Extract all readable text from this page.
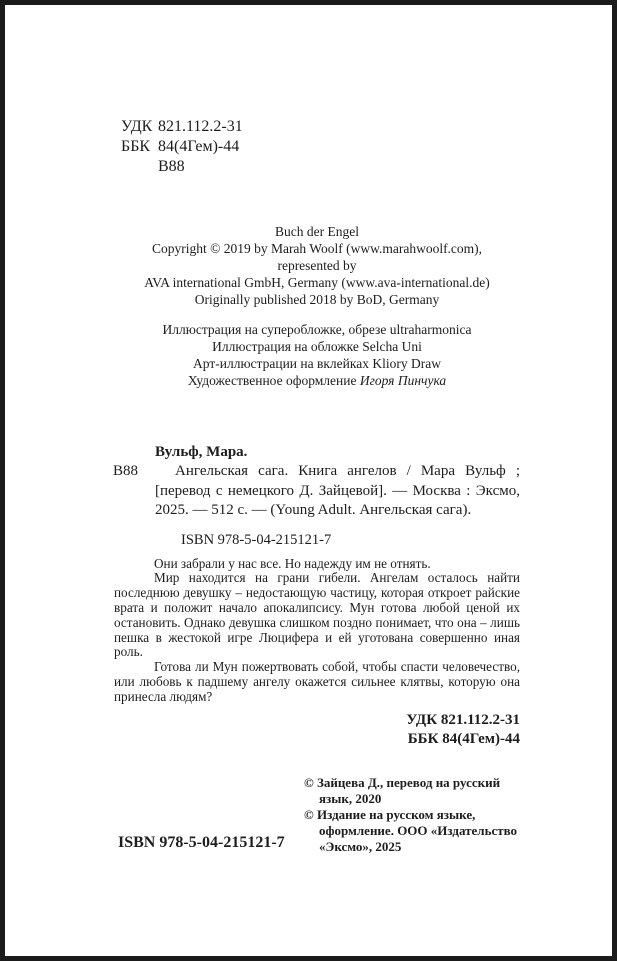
УДК 821.112.2-31
ББК 84(4Гем)-44
В88
Buch der Engel
Copyright © 2019 by Marah Woolf (www.marahwoolf.com),
represented by
AVA international GmbH, Germany (www.ava-international.de)
Originally published 2018 by BoD, Germany
Иллюстрация на суперобложке, обрезе ultraharmonica
Иллюстрация на обложке Selcha Uni
Арт-иллюстрации на вклейках Kliory Draw
Художественное оформление Игоря Пинчука
Вульф, Мара.
В88	Ангельская сага. Книга ангелов / Мара Вульф ; [перевод с немецкого Д. Зайцевой]. — Москва : Эксмо, 2025. — 512 с. — (Young Adult. Ангельская сага).

ISBN 978-5-04-215121-7

Они забрали у нас все. Но надежду им не отнять.

Мир находится на грани гибели. Ангелам осталось найти последнюю девушку – недостающую частицу, которая откроет райские врата и положит начало апокалипсису. Мун готова любой ценой их остановить. Однако девушка слишком поздно понимает, что она – лишь пешка в жестокой игре Люцифера и ей уготована совершенно иная роль.

Готова ли Мун пожертвовать собой, чтобы спасти человечество, или любовь к падшему ангелу окажется сильнее клятвы, которую она принесла людям?

УДК 821.112.2-31
ББК 84(4Гем)-44
ISBN 978-5-04-215121-7

© Зайцева Д., перевод на русский язык, 2020

© Издание на русском языке, оформление. ООО «Издательство «Эксмо», 2025
